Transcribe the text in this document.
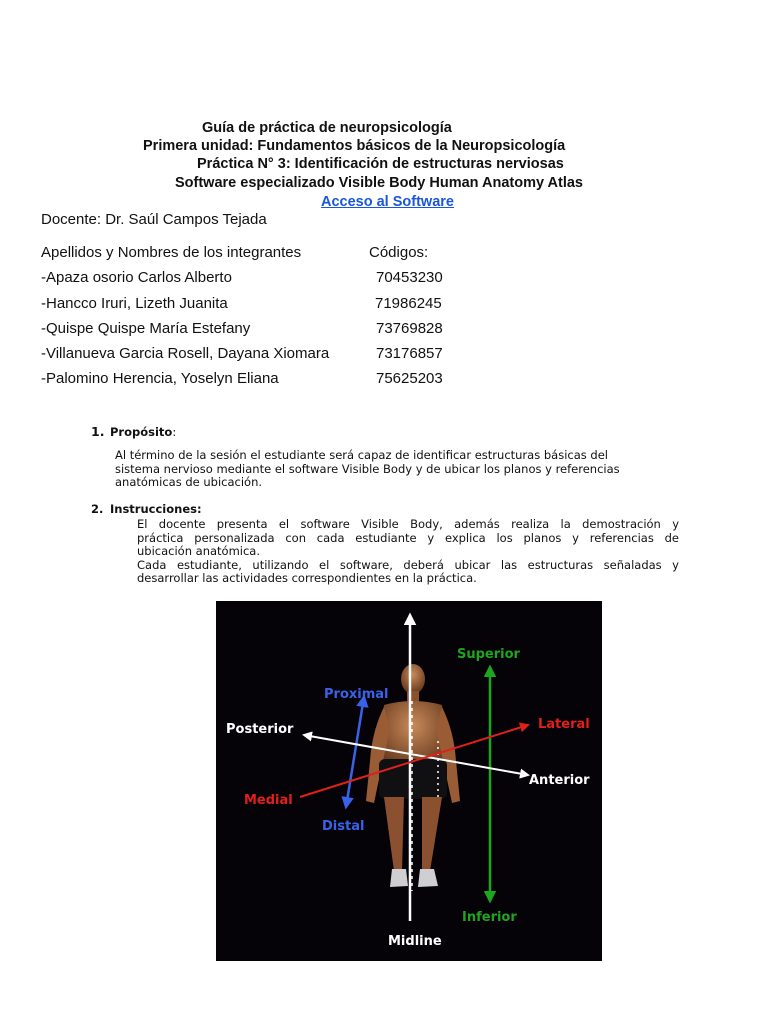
Guía de práctica de neuropsicología
Primera unidad: Fundamentos básicos de la Neuropsicología
Práctica N° 3: Identificación de estructuras nerviosas
Software especializado Visible Body Human Anatomy Atlas
Acceso al Software
Docente: Dr. Saúl Campos Tejada
Apellidos y Nombres de los integrantes	Códigos:
-Apaza osorio Carlos Alberto	70453230
-Hancco Iruri, Lizeth Juanita	71986245
-Quispe Quispe María Estefany	73769828
-Villanueva Garcia Rosell, Dayana Xiomara	73176857
-Palomino Herencia, Yoselyn Eliana	75625203
1. Propósito:
Al término de la sesión el estudiante será capaz de identificar estructuras básicas del
sistema nervioso mediante el software Visible Body y de ubicar los planos y referencias
anatómicas de ubicación.
2. Instrucciones:
El docente presenta el software Visible Body, además realiza la demostración y
práctica personalizada con cada estudiante y explica los planos y referencias de
ubicación anatómica.
Cada estudiante, utilizando el software, deberá ubicar las estructuras señaladas y
desarrollar las actividades correspondientes en la práctica.
Superior
Proximal
Posterior	Lateral
Anterior
Medial
Distal
Inferior
Midline
